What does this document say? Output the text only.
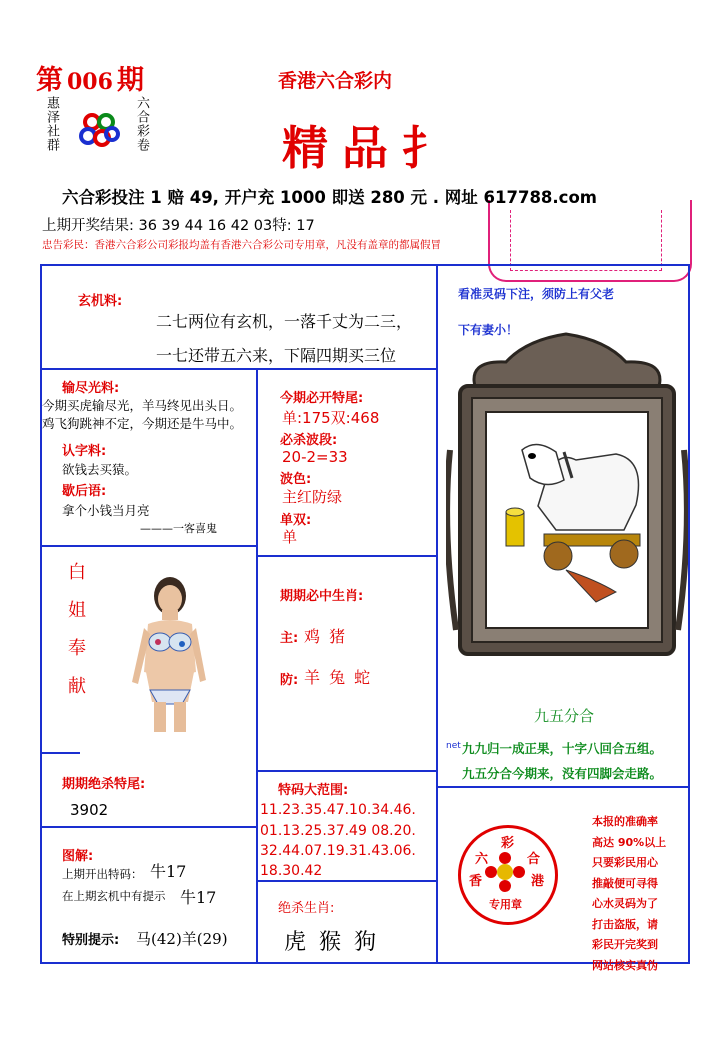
第 006 期
惠泽社群	六合彩卷
香港六合彩内
精品扌
六合彩投注 1 赔 49, 开户充 1000 即送 280 元 . 网址 617788.com
上期开奖结果: 36 39 44 16 42 03特: 17
忠告彩民：香港六合彩公司彩报均盖有香港六合彩公司专用章，凡没有盖章的都属假冒
玄机料:
二七两位有玄机，一落千丈为二三，
一七还带五六来，下隔四期买三位
输尽光料:
今期买虎输尽光，羊马终见出头日。
鸡飞狗跳神不定，今期还是牛马中。
认字料:
欲钱去买猿。
歇后语:
拿个小钱当月亮
———一客喜鬼
今期必开特尾:
单:175双:468
必杀波段:
20-2=33
波色:
主红防绿
单双:
单
白姐奉献
期期必中生肖:
主: 鸡 猪
防: 羊 兔 蛇
期期绝杀特尾:
3902
特码大范围:
11.23.35.47.10.34.46.
01.13.25.37.49 08.20.
32.44.07.19.31.43.06.
18.30.42
图解:
上期开出特码： 牛17
在上期玄机中有提示 牛17
特别提示: 马(42)羊(29)
绝杀生肖:
虎 猴 狗
看准灵码下注，须防上有父老
下有妻小！
九五分合
net 九九归一成正果，十字八回合五组。
九五分合今期来，没有四脚会走路。
六
彩
合
香	港
专用章
本报的准确率
高达 90%以上
只要彩民用心
推敲便可寻得
心水灵码为了
打击盗版，请
彩民开完奖到
网站核实真伪
